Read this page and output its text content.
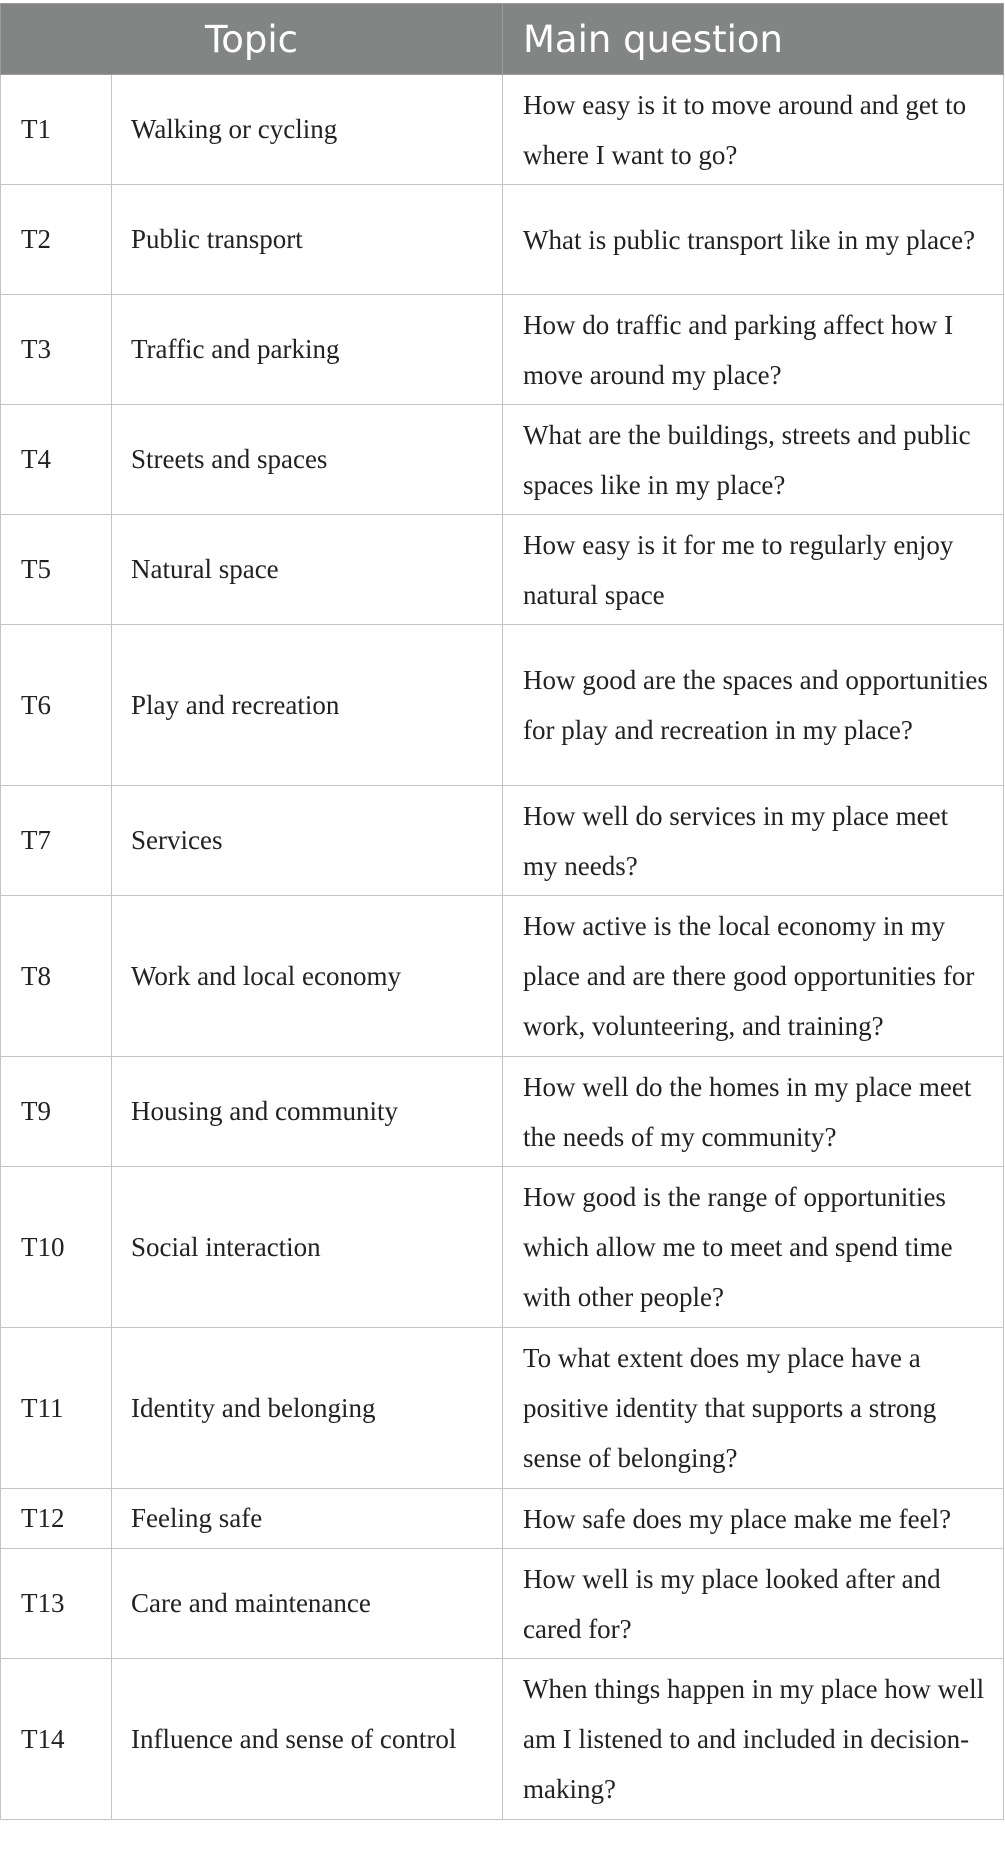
Topic		Main question
T1	Walking or cycling	How easy is it to move around and get to where I want to go?
T2	Public transport	What is public transport like in my place?
T3	Traffic and parking	How do traffic and parking affect how I move around my place?
T4	Streets and spaces	What are the buildings, streets and public spaces like in my place?
T5	Natural space	How easy is it for me to regularly enjoy natural space
T6	Play and recreation	How good are the spaces and opportunities for play and recreation in my place?
T7	Services	How well do services in my place meet my needs?
T8	Work and local economy	How active is the local economy in my place and are there good opportunities for work, volunteering, and training?
T9	Housing and community	How well do the homes in my place meet the needs of my community?
T10	Social interaction	How good is the range of opportunities which allow me to meet and spend time with other people?
T11	Identity and belonging	To what extent does my place have a positive identity that supports a strong sense of belonging?
T12	Feeling safe	How safe does my place make me feel?
T13	Care and maintenance	How well is my place looked after and cared for?
T14	Influence and sense of control	When things happen in my place how well am I listened to and included in decision-making?
